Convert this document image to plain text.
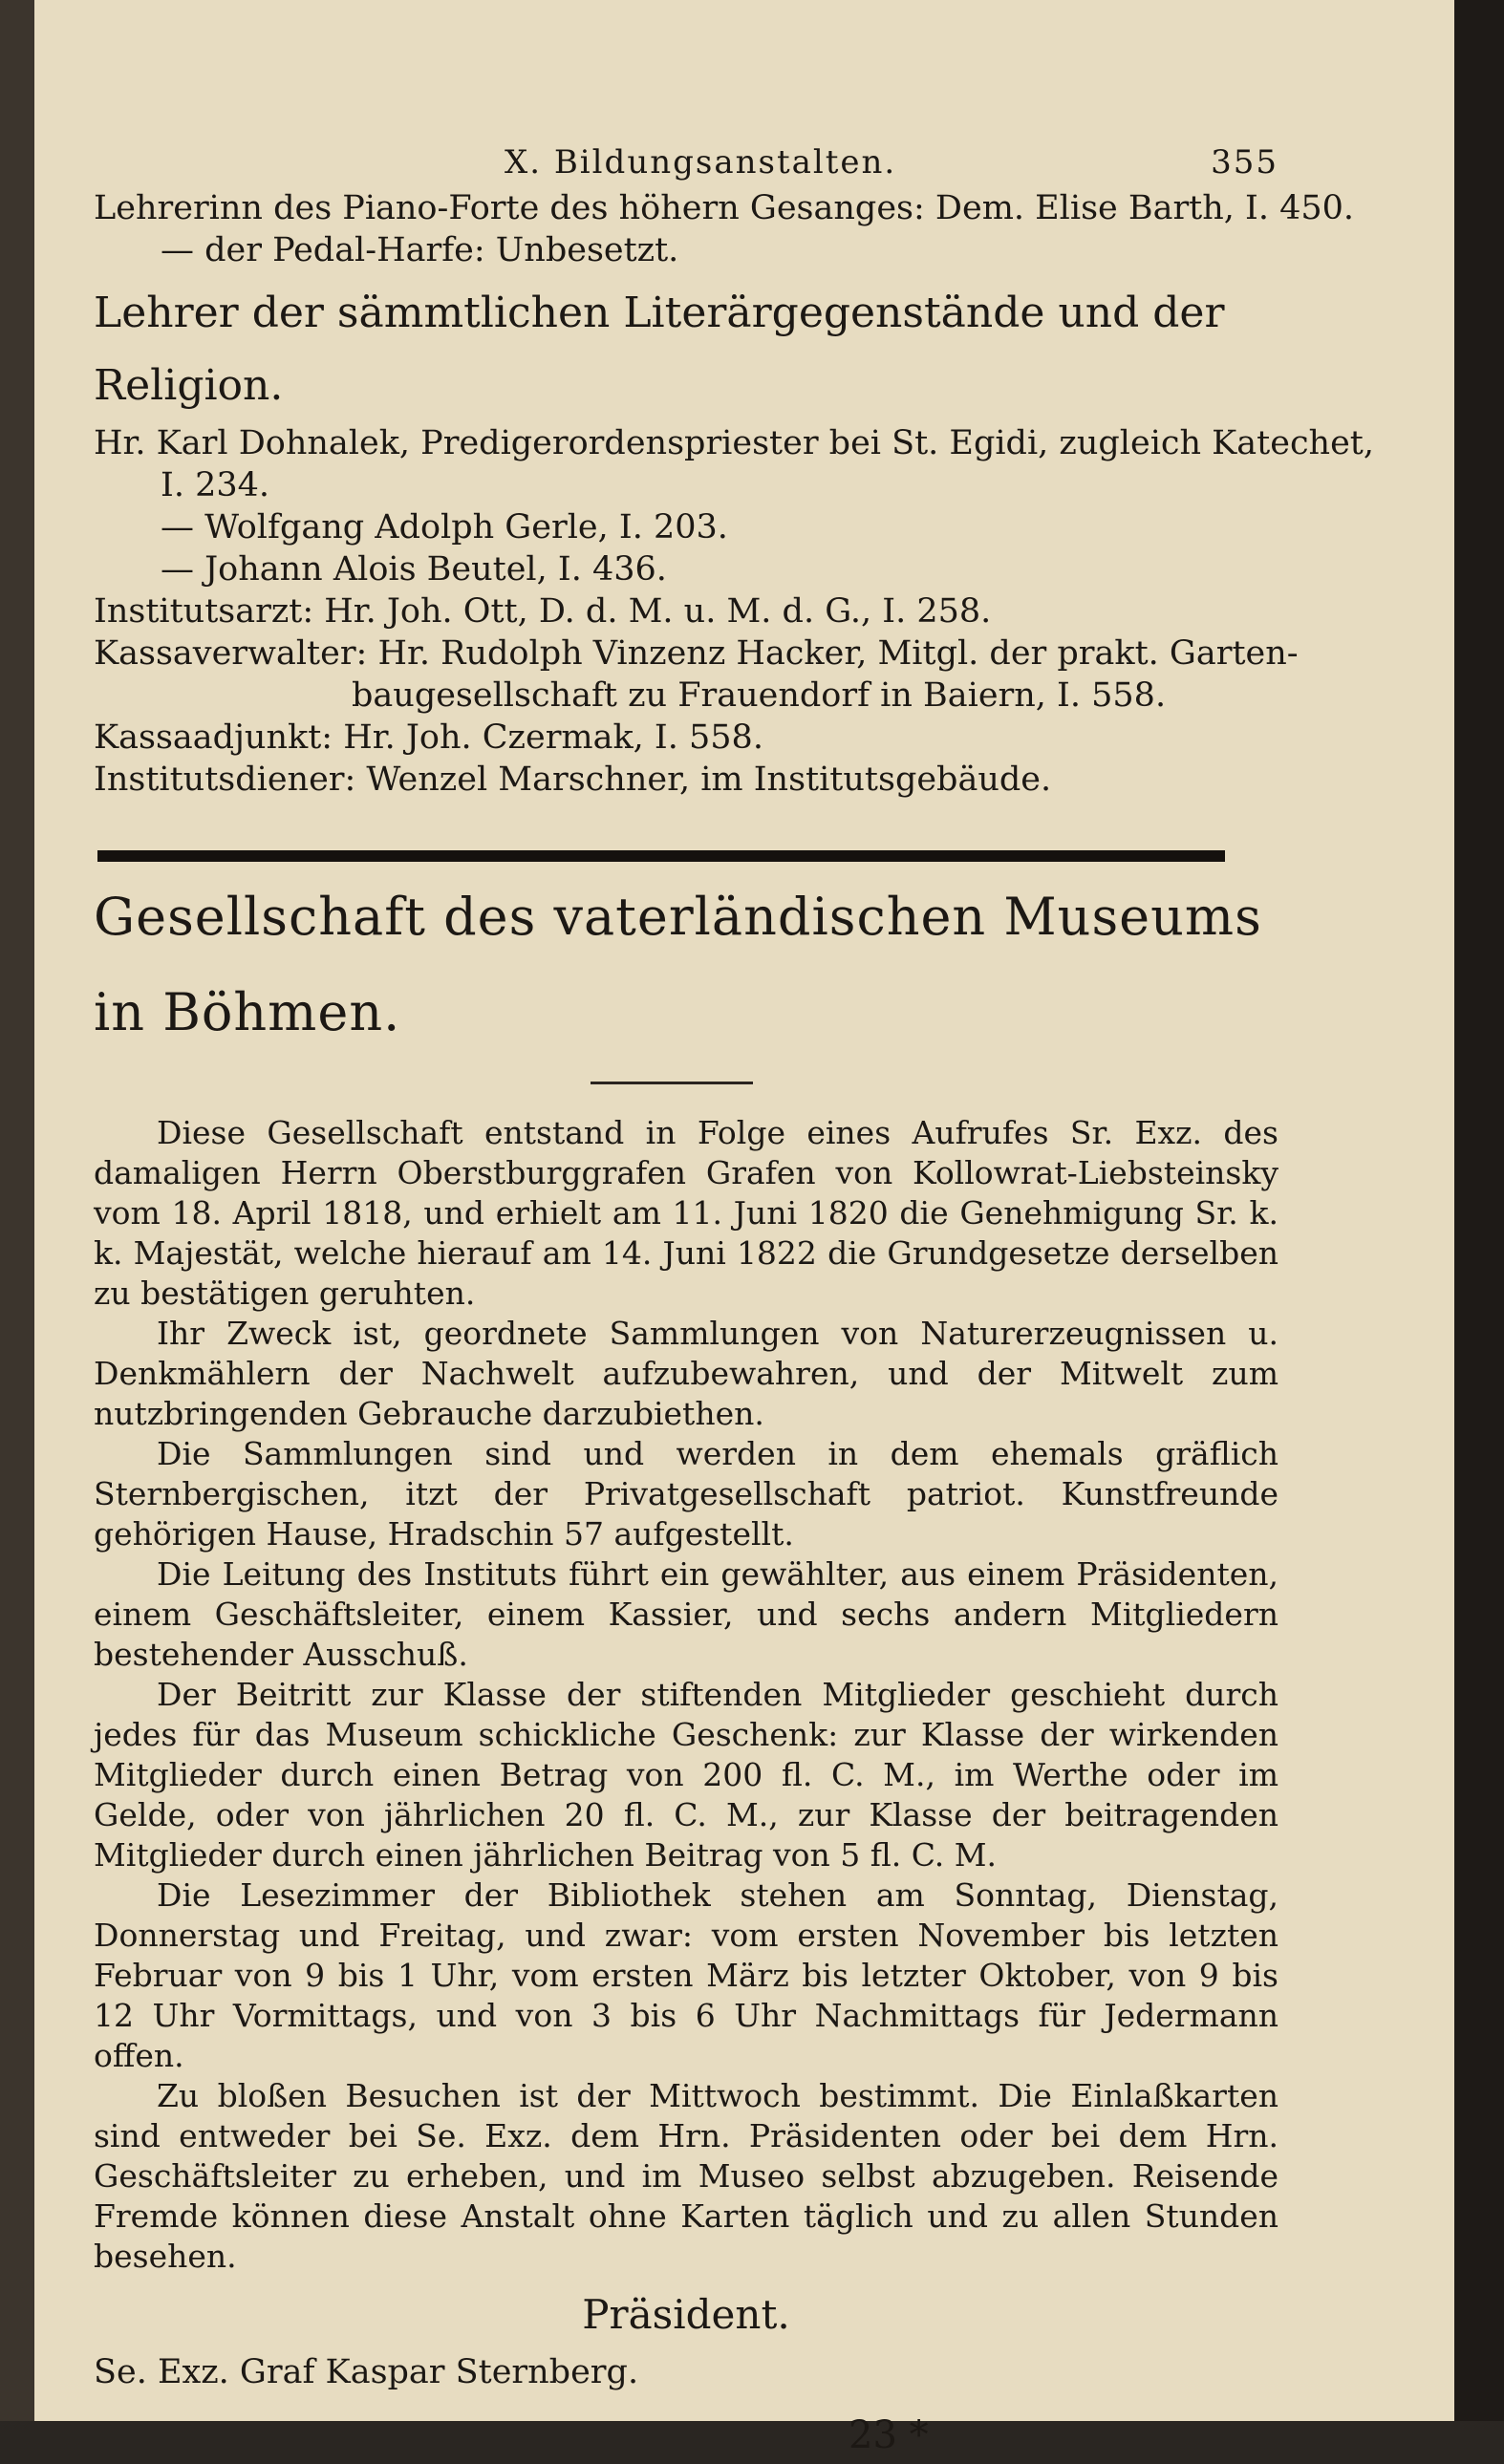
X. Bildungsanstalten.	355
Lehrerinn des Piano-Forte des höhern Gesanges: Dem. Elise Barth, I. 450.
— der Pedal-Harfe: Unbesetzt.
Lehrer der sämmtlichen Literärgegenstände und der Religion.
Hr. Karl Dohnalek, Predigerordenspriester bei St. Egidi, zugleich Katechet,
I. 234.
— Wolfgang Adolph Gerle, I. 203.
— Johann Alois Beutel, I. 436.
Institutsarzt: Hr. Joh. Ott, D. d. M. u. M. d. G., I. 258.
Kassaverwalter: Hr. Rudolph Vinzenz Hacker, Mitgl. der prakt. Garten-
baugesellschaft zu Frauendorf in Baiern, I. 558.
Kassaadjunkt: Hr. Joh. Czermak, I. 558.
Institutsdiener: Wenzel Marschner, im Institutsgebäude.
Gesellschaft des vaterländischen Museums in Böhmen.
Diese Gesellschaft entstand in Folge eines Aufrufes Sr. Exz. des damaligen Herrn Oberstburggrafen Grafen von Kollowrat-Liebsteinsky vom 18. April 1818, und erhielt am 11. Juni 1820 die Genehmigung Sr. k. k. Majestät, welche hierauf am 14. Juni 1822 die Grundgesetze derselben zu bestätigen geruhten.
Ihr Zweck ist, geordnete Sammlungen von Naturerzeugnissen u. Denkmählern der Nachwelt aufzubewahren, und der Mitwelt zum nutzbringenden Gebrauche darzubiethen.
Die Sammlungen sind und werden in dem ehemals gräflich Sternbergischen, itzt der Privatgesellschaft patriot. Kunstfreunde gehörigen Hause, Hradschin 57 aufgestellt.
Die Leitung des Instituts führt ein gewählter, aus einem Präsidenten, einem Geschäftsleiter, einem Kassier, und sechs andern Mitgliedern bestehender Ausschuß.
Der Beitritt zur Klasse der stiftenden Mitglieder geschieht durch jedes für das Museum schickliche Geschenk: zur Klasse der wirkenden Mitglieder durch einen Betrag von 200 fl. C. M., im Werthe oder im Gelde, oder von jährlichen 20 fl. C. M., zur Klasse der beitragenden Mitglieder durch einen jährlichen Beitrag von 5 fl. C. M.
Die Lesezimmer der Bibliothek stehen am Sonntag, Dienstag, Donnerstag und Freitag, und zwar: vom ersten November bis letzten Februar von 9 bis 1 Uhr, vom ersten März bis letzter Oktober, von 9 bis 12 Uhr Vormittags, und von 3 bis 6 Uhr Nachmittags für Jedermann offen.
Zu bloßen Besuchen ist der Mittwoch bestimmt. Die Einlaßkarten sind entweder bei Se. Exz. dem Hrn. Präsidenten oder bei dem Hrn. Geschäftsleiter zu erheben, und im Museo selbst abzugeben. Reisende Fremde können diese Anstalt ohne Karten täglich und zu allen Stunden besehen.
Präsident.
Se. Exz. Graf Kaspar Sternberg.
23 *
